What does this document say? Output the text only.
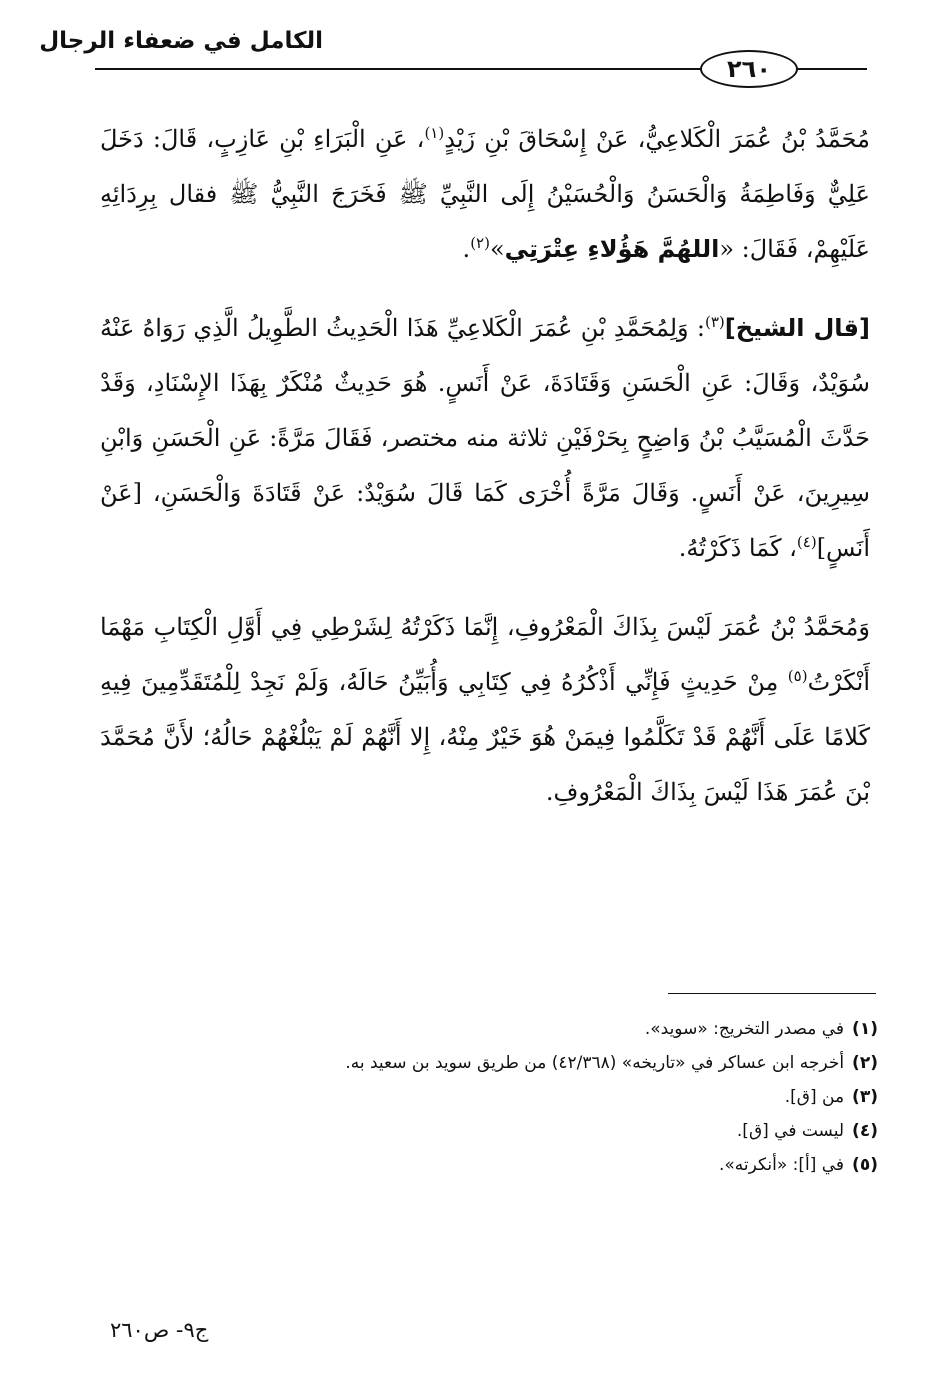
الكامل في ضعفاء الرجال
٢٦٠

مُحَمَّدُ بْنُ عُمَرَ الْكَلاعِيُّ، عَنْ إِسْحَاقَ بْنِ زَيْدٍ$^{(١)}$، عَنِ الْبَرَاءِ بْنِ عَازِبٍ، قَالَ: دَخَلَ عَلِيٌّ وَفَاطِمَةُ وَالْحَسَنُ وَالْحُسَيْنُ إِلَى النَّبِيِّ ﷺ فَخَرَجَ النَّبِيُّ ﷺ فقال بِرِدَائِهِ عَلَيْهِمْ، فَقَالَ: «اللهُمَّ هَؤُلاءِ عِتْرَتِي»$^{(٢)}$.

[قال الشيخ]$^{(٣)}$: وَلِمُحَمَّدِ بْنِ عُمَرَ الْكَلاعِيِّ هَذَا الْحَدِيثُ الطَّوِيلُ الَّذِي رَوَاهُ عَنْهُ سُوَيْدٌ، وَقَالَ: عَنِ الْحَسَنِ وَقَتَادَةَ، عَنْ أَنَسٍ. هُوَ حَدِيثٌ مُنْكَرٌ بِهَذَا الإِسْنَادِ، وَقَدْ حَدَّثَ الْمُسَيَّبُ بْنُ وَاضِحٍ بِحَرْفَيْنِ ثلاثة منه مختصر، فَقَالَ مَرَّةً: عَنِ الْحَسَنِ وَابْنِ سِيرِينَ، عَنْ أَنَسٍ. وَقَالَ مَرَّةً أُخْرَى كَمَا قَالَ سُوَيْدٌ: عَنْ قَتَادَةَ وَالْحَسَنِ، [عَنْ أَنَسٍ]$^{(٤)}$، كَمَا ذَكَرْتُهُ.

وَمُحَمَّدُ بْنُ عُمَرَ لَيْسَ بِذَاكَ الْمَعْرُوفِ، إِنَّمَا ذَكَرْتُهُ لِشَرْطِي فِي أَوَّلِ الْكِتَابِ مَهْمَا أَنْكَرْتُ$^{(٥)}$ مِنْ حَدِيثٍ فَإِنِّي أَذْكُرُهُ فِي كِتَابِي وَأُبَيِّنُ حَالَهُ، وَلَمْ نَجِدْ لِلْمُتَقَدِّمِينَ فِيهِ كَلامًا عَلَى أَنَّهُمْ قَدْ تَكَلَّمُوا فِيمَنْ هُوَ خَيْرٌ مِنْهُ، إِلا أَنَّهُمْ لَمْ يَبْلُغْهُمْ حَالُهُ؛ لأَنَّ مُحَمَّدَ بْنَ عُمَرَ هَذَا لَيْسَ بِذَاكَ الْمَعْرُوفِ.

(١)في مصدر التخريج: «سويد».
(٢)أخرجه ابن عساكر في «تاريخه» (٤٢/٣٦٨) من طريق سويد بن سعيد به.
(٣)من [ق].
(٤)ليست في [ق].
(٥)في [أ]: «أنكرته».
ج٩- ص٢٦٠
